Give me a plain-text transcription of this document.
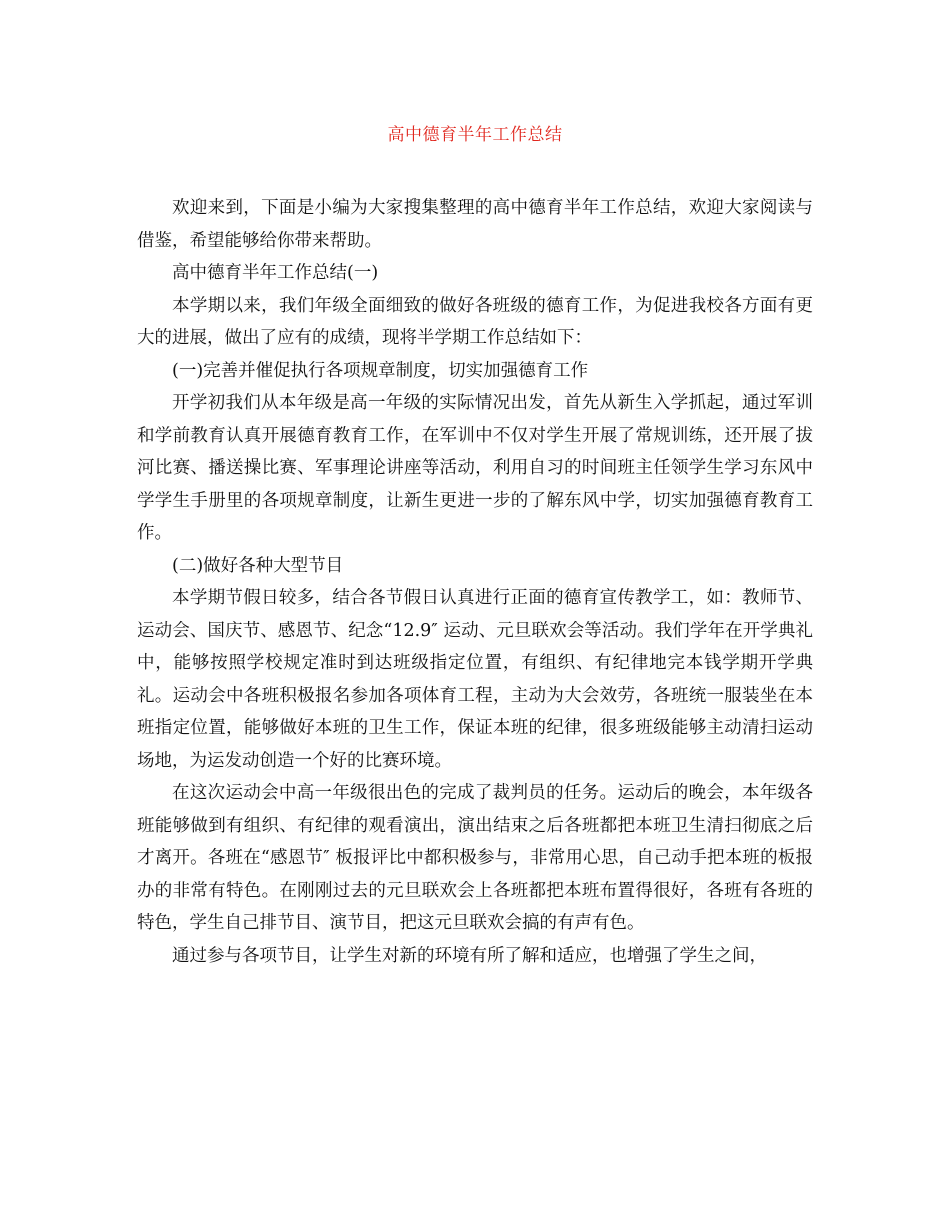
高中德育半年工作总结

欢迎来到，下面是小编为大家搜集整理的高中德育半年工作总结，欢迎大家阅读与借鉴，希望能够给你带来帮助。

高中德育半年工作总结(一)

本学期以来，我们年级全面细致的做好各班级的德育工作，为促进我校各方面有更大的进展，做出了应有的成绩，现将半学期工作总结如下：

(一)完善并催促执行各项规章制度，切实加强德育工作

开学初我们从本年级是高一年级的实际情况出发，首先从新生入学抓起，通过军训和学前教育认真开展德育教育工作，在军训中不仅对学生开展了常规训练，还开展了拔河比赛、播送操比赛、军事理论讲座等活动，利用自习的时间班主任领学生学习东风中学学生手册里的各项规章制度，让新生更进一步的了解东风中学，切实加强德育教育工作。

(二)做好各种大型节目

本学期节假日较多，结合各节假日认真进行正面的德育宣传教学工，如：教师节、运动会、国庆节、感恩节、纪念“12.9″ 运动、元旦联欢会等活动。我们学年在开学典礼中，能够按照学校规定准时到达班级指定位置，有组织、有纪律地完本钱学期开学典礼。运动会中各班积极报名参加各项体育工程，主动为大会效劳，各班统一服装坐在本班指定位置，能够做好本班的卫生工作，保证本班的纪律，很多班级能够主动清扫运动场地，为运发动创造一个好的比赛环境。

在这次运动会中高一年级很出色的完成了裁判员的任务。运动后的晚会，本年级各班能够做到有组织、有纪律的观看演出，演出结束之后各班都把本班卫生清扫彻底之后才离开。各班在“感恩节″ 板报评比中都积极参与，非常用心思，自己动手把本班的板报办的非常有特色。在刚刚过去的元旦联欢会上各班都把本班布置得很好，各班有各班的特色，学生自己排节目、演节目，把这元旦联欢会搞的有声有色。

通过参与各项节目，让学生对新的环境有所了解和适应，也增强了学生之间，
